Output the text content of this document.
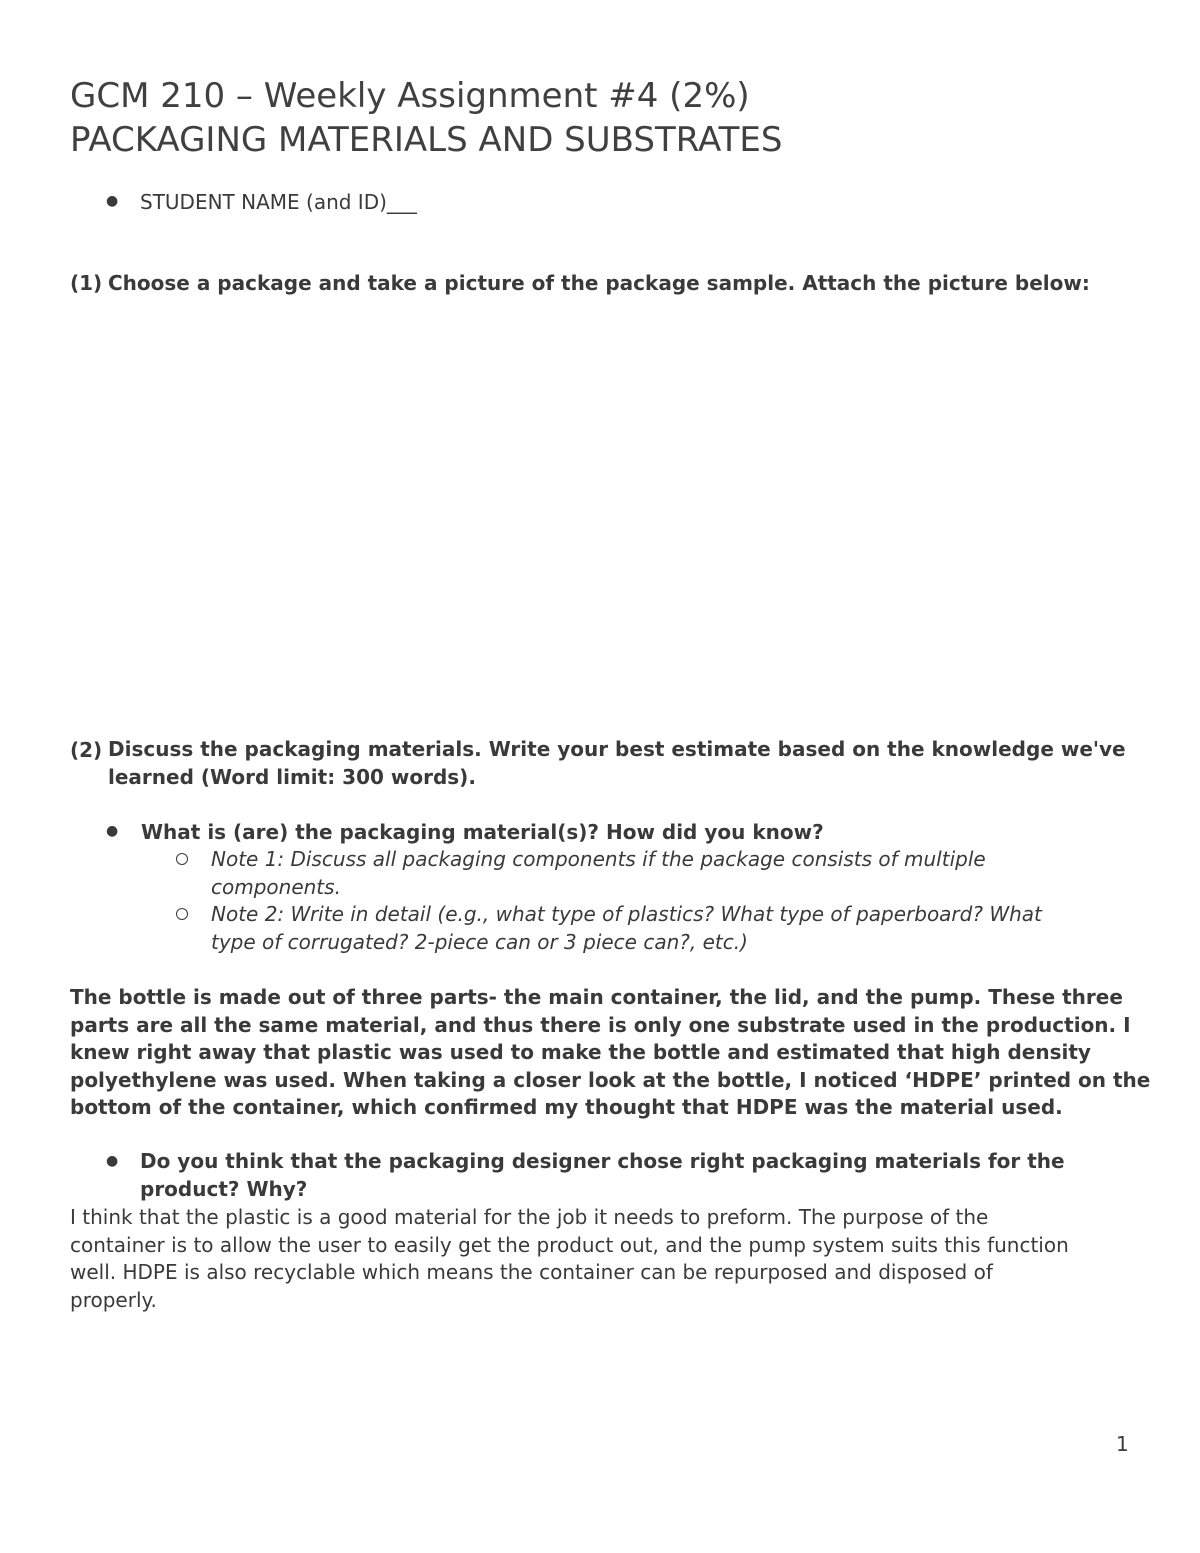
GCM 210 – Weekly Assignment #4 (2%)
PACKAGING MATERIALS AND SUBSTRATES
● STUDENT NAME (and ID)___
(1) Choose a package and take a picture of the package sample. Attach the picture below:
(2) Discuss the packaging materials. Write your best estimate based on the knowledge we've
learned (Word limit: 300 words).
● What is (are) the packaging material(s)? How did you know?
Note 1: Discuss all packaging components if the package consists of multiple
components.
Note 2: Write in detail (e.g., what type of plastics? What type of paperboard? What
type of corrugated? 2-piece can or 3 piece can?, etc.)
The bottle is made out of three parts- the main container, the lid, and the pump. These three
parts are all the same material, and thus there is only one substrate used in the production. I
knew right away that plastic was used to make the bottle and estimated that high density
polyethylene was used. When taking a closer look at the bottle, I noticed ‘HDPE’ printed on the
bottom of the container, which confirmed my thought that HDPE was the material used.
● Do you think that the packaging designer chose right packaging materials for the
product? Why?
I think that the plastic is a good material for the job it needs to preform. The purpose of the
container is to allow the user to easily get the product out, and the pump system suits this function
well. HDPE is also recyclable which means the container can be repurposed and disposed of
properly.
1
